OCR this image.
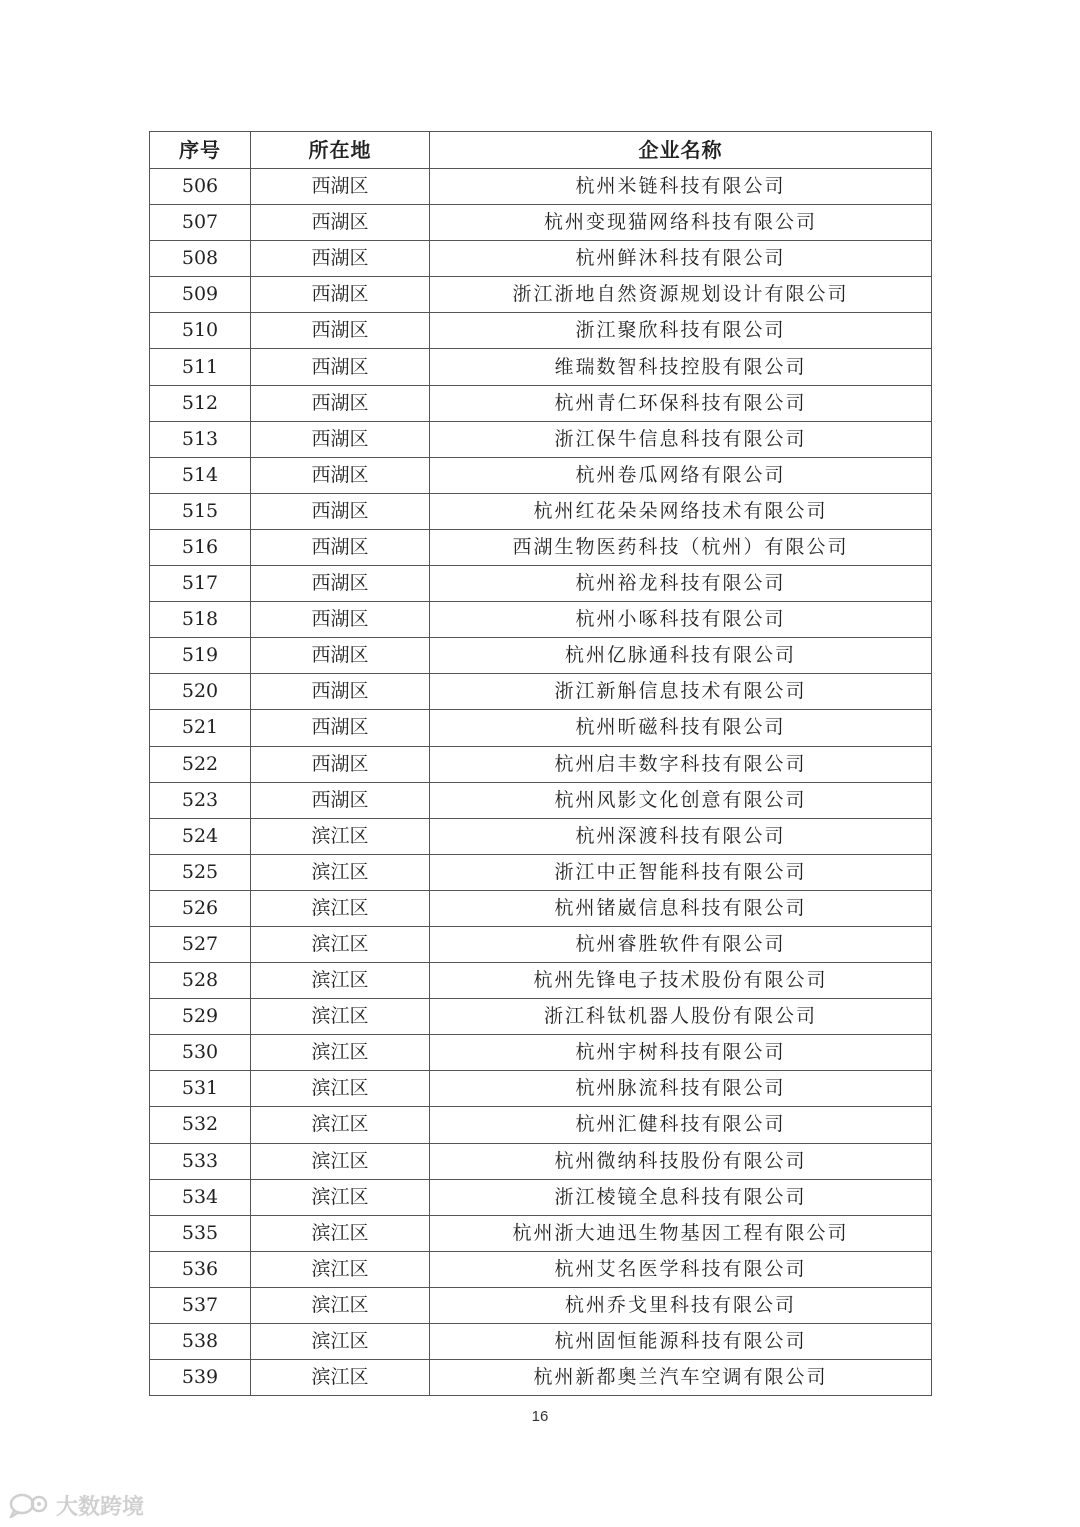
序号	所在地	企业名称
506	西湖区	杭州米链科技有限公司
507	西湖区	杭州变现猫网络科技有限公司
508	西湖区	杭州鲜沐科技有限公司
509	西湖区	浙江浙地自然资源规划设计有限公司
510	西湖区	浙江聚欣科技有限公司
511	西湖区	维瑞数智科技控股有限公司
512	西湖区	杭州青仁环保科技有限公司
513	西湖区	浙江保牛信息科技有限公司
514	西湖区	杭州卷瓜网络有限公司
515	西湖区	杭州红花朵朵网络技术有限公司
516	西湖区	西湖生物医药科技（杭州）有限公司
517	西湖区	杭州裕龙科技有限公司
518	西湖区	杭州小啄科技有限公司
519	西湖区	杭州亿脉通科技有限公司
520	西湖区	浙江新斛信息技术有限公司
521	西湖区	杭州昕磁科技有限公司
522	西湖区	杭州启丰数字科技有限公司
523	西湖区	杭州风影文化创意有限公司
524	滨江区	杭州深渡科技有限公司
525	滨江区	浙江中正智能科技有限公司
526	滨江区	杭州锗崴信息科技有限公司
527	滨江区	杭州睿胜软件有限公司
528	滨江区	杭州先锋电子技术股份有限公司
529	滨江区	浙江科钛机器人股份有限公司
530	滨江区	杭州宇树科技有限公司
531	滨江区	杭州脉流科技有限公司
532	滨江区	杭州汇健科技有限公司
533	滨江区	杭州微纳科技股份有限公司
534	滨江区	浙江棱镜全息科技有限公司
535	滨江区	杭州浙大迪迅生物基因工程有限公司
536	滨江区	杭州艾名医学科技有限公司
537	滨江区	杭州乔戈里科技有限公司
538	滨江区	杭州固恒能源科技有限公司
539	滨江区	杭州新都奥兰汽车空调有限公司
16
大数跨境
